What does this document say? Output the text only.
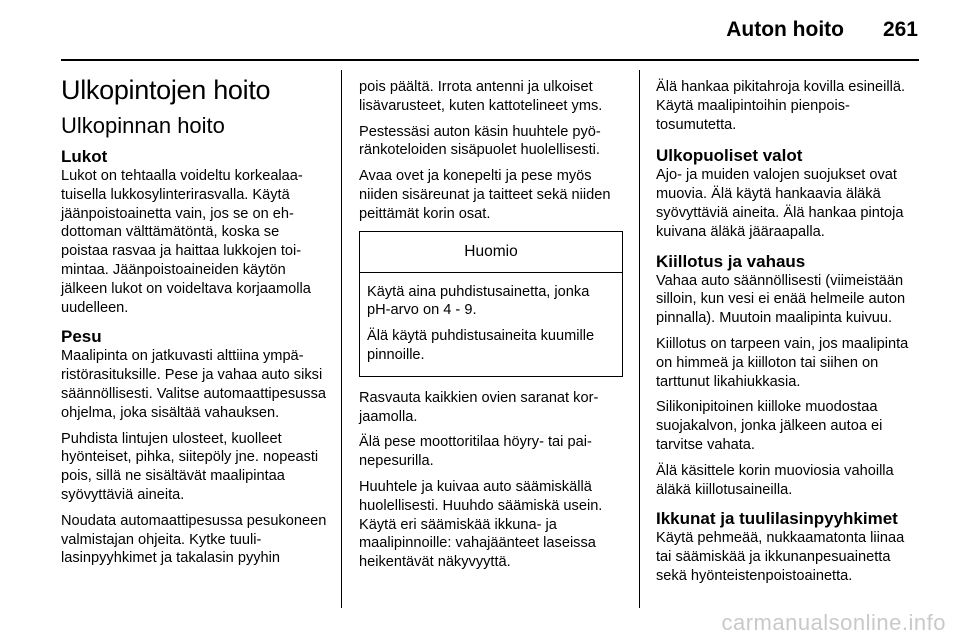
Auton hoito 261
Ulkopintojen hoito
Ulkopinnan hoito
Lukot

Lukot on tehtaalla voideltu korkealaatuisella lukkosylinterirasvalla. Käytä jäänpoistoainetta vain, jos se on ehdottoman välttämätöntä, koska se poistaa rasvaa ja haittaa lukkojen toimintaa. Jäänpoistoaineiden käytön jälkeen lukot on voideltava korjaamolla uudelleen.

Pesu

Maalipinta on jatkuvasti alttiina ympäristörasituksille. Pese ja vahaa auto siksi säännöllisesti. Valitse automaattipesussa ohjelma, joka sisältää vahauksen.

Puhdista lintujen ulosteet, kuolleet hyönteiset, pihka, siitepöly jne. nopeasti pois, sillä ne sisältävät maalipintaa syövyttäviä aineita.

Noudata automaattipesussa pesukoneen valmistajan ohjeita. Kytke tuulilasinpyyhkimet ja takalasin pyyhin

pois päältä. Irrota antenni ja ulkoiset lisävarusteet, kuten kattotelineet yms.

Pestessäsi auton käsin huuhtele pyöränkoteloiden sisäpuolet huolellisesti.

Avaa ovet ja konepelti ja pese myös niiden sisäreunat ja taitteet sekä niiden peittämät korin osat.

Huomio

Käytä aina puhdistusainetta, jonka pH-arvo on 4 - 9.

Älä käytä puhdistusaineita kuumille pinnoille.

Rasvauta kaikkien ovien saranat korjaamolla.

Älä pese moottoritilaa höyry- tai painepesurilla.

Huuhtele ja kuivaa auto säämiskällä huolellisesti. Huuhdo säämiskä usein. Käytä eri säämiskää ikkuna- ja maalipinnoille: vahajäänteet laseissa heikentävät näkyvyyttä.

Älä hankaa pikitahroja kovilla esineillä. Käytä maalipintoihin pienpoistosumutetta.

Ulkopuoliset valot

Ajo- ja muiden valojen suojukset ovat muovia. Älä käytä hankaavia äläkä syövyttäviä aineita. Älä hankaa pintoja kuivana äläkä jääraapalla.

Kiillotus ja vahaus

Vahaa auto säännöllisesti (viimeistään silloin, kun vesi ei enää helmeile auton pinnalla). Muutoin maalipinta kuivuu.

Kiillotus on tarpeen vain, jos maalipinta on himmeä ja kiilloton tai siihen on tarttunut likahiukkasia.

Silikonipitoinen kiilloke muodostaa suojakalvon, jonka jälkeen autoa ei tarvitse vahata.

Älä käsittele korin muoviosia vahoilla äläkä kiillotusaineilla.

Ikkunat ja tuulilasinpyyhkimet

Käytä pehmeää, nukkaamatonta liinaa tai säämiskää ja ikkunanpesuainetta sekä hyönteistenpoistoainetta.

carmanualsonline.info
